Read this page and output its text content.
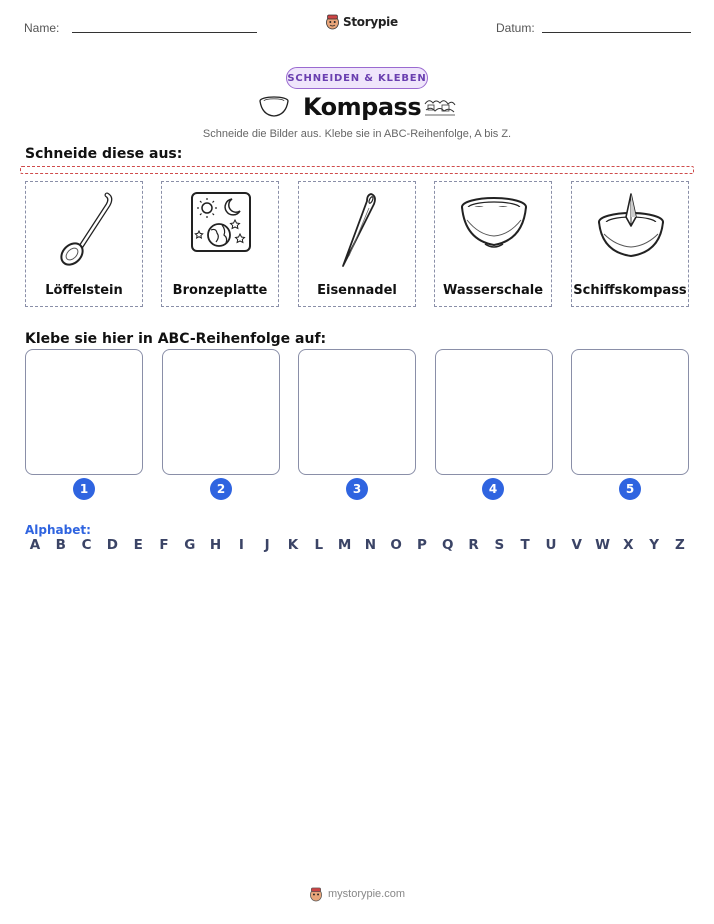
Name:	Storypie	Datum:
SCHNEIDEN & KLEBEN
Kompass
Schneide die Bilder aus. Klebe sie in ABC-Reihenfolge, A bis Z.
Schneide diese aus:
Löffelstein	Bronzeplatte	Eisennadel	Wasserschale	Schiffskompass
Klebe sie hier in ABC-Reihenfolge auf:
1	2	3	4	5
Alphabet:
A	B	C	D	E	F	G	H	I	J	K	L	M N	O	P	Q	R	S	T	U	V W X	Y	Z
mystorypie.com
